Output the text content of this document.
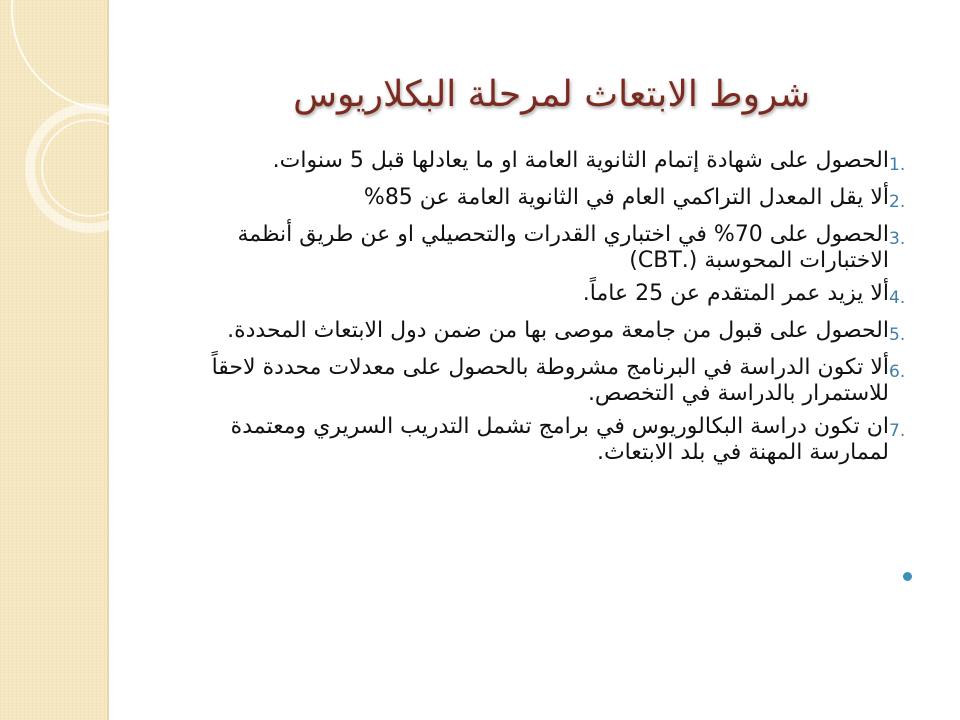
شروط الابتعاث لمرحلة البكلاريوس
1.
الحصول على شهادة إتمام الثانوية العامة او ما يعادلها قبل 5 سنوات.
2.
ألا يقل المعدل التراكمي العام في الثانوية العامة عن 85%
3.
الحصول على 70% في اختباري القدرات والتحصيلي او عن طريق أنظمة الاختبارات المحوسبة (.CBT)
4.
ألا يزيد عمر المتقدم عن 25 عاماً.
5.
الحصول على قبول من جامعة موصى بها من ضمن دول الابتعاث المحددة.
6.
ألا تكون الدراسة في البرنامج مشروطة بالحصول على معدلات محددة لاحقاً للاستمرار بالدراسة في التخصص.
7.
ان تكون دراسة البكالوريوس في برامج تشمل التدريب السريري ومعتمدة لممارسة المهنة في بلد الابتعاث.
